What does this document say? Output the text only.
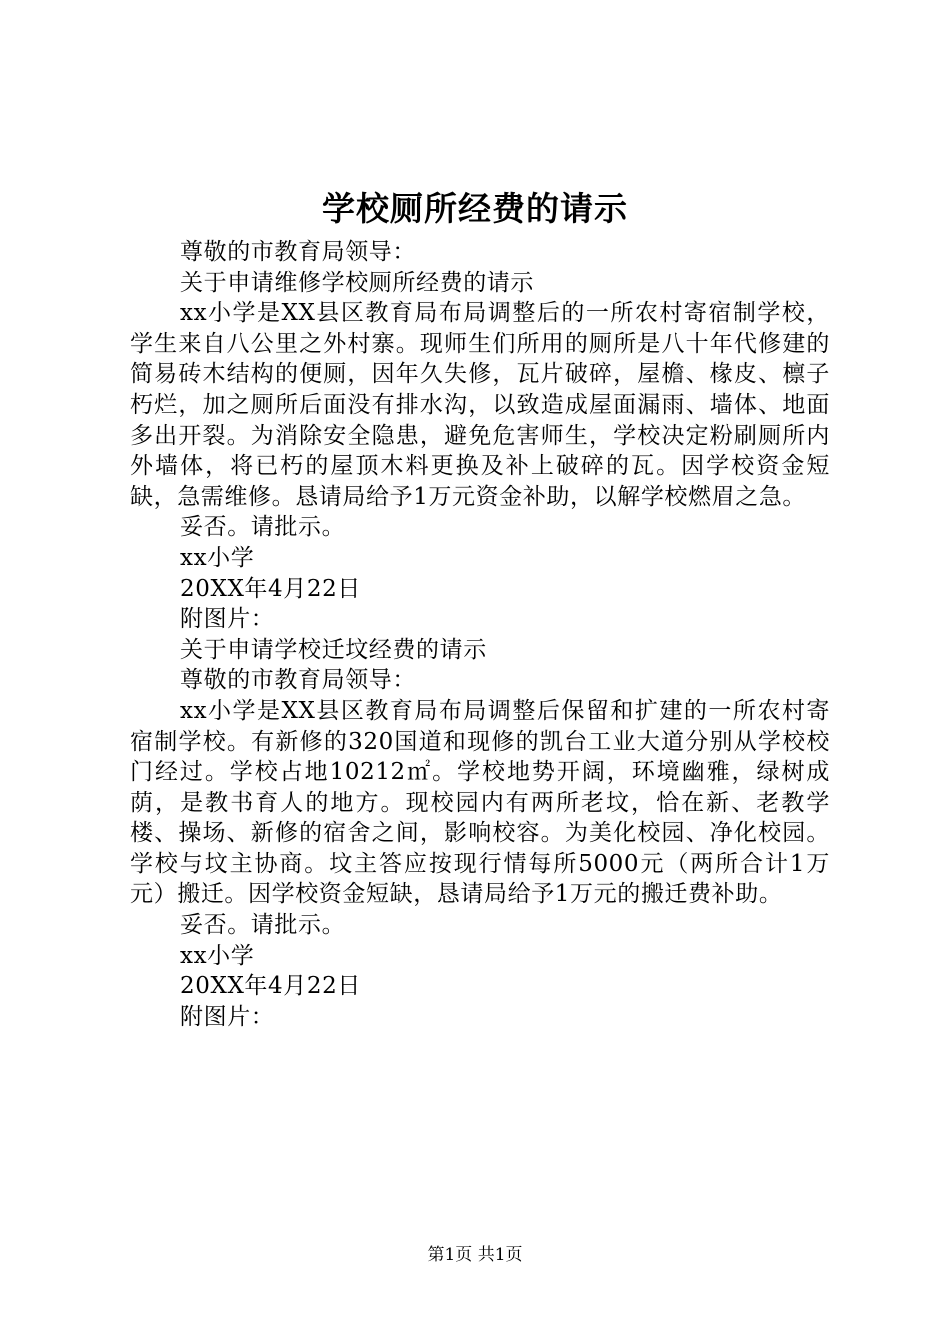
学校厕所经费的请示

尊敬的市教育局领导：

关于申请维修学校厕所经费的请示

xx小学是XX县区教育局布局调整后的一所农村寄宿制学校，学生来自八公里之外村寨。现师生们所用的厕所是八十年代修建的简易砖木结构的便厕，因年久失修，瓦片破碎，屋檐、椽皮、檩子朽烂，加之厕所后面没有排水沟，以致造成屋面漏雨、墙体、地面多出开裂。为消除安全隐患，避免危害师生，学校决定粉刷厕所内外墙体，将已朽的屋顶木料更换及补上破碎的瓦。因学校资金短缺，急需维修。恳请局给予1万元资金补助，以解学校燃眉之急。

妥否。请批示。

xx小学

20XX年4月22日

附图片：

关于申请学校迁坟经费的请示

尊敬的市教育局领导：

xx小学是XX县区教育局布局调整后保留和扩建的一所农村寄宿制学校。有新修的320国道和现修的凯台工业大道分别从学校校门经过。学校占地10212㎡。学校地势开阔，环境幽雅，绿树成荫，是教书育人的地方。现校园内有两所老坟，恰在新、老教学楼、操场、新修的宿舍之间，影响校容。为美化校园、净化校园。学校与坟主协商。坟主答应按现行情每所5000元（两所合计1万元）搬迁。因学校资金短缺，恳请局给予1万元的搬迁费补助。

妥否。请批示。

xx小学

20XX年4月22日

附图片：

第1页 共1页
